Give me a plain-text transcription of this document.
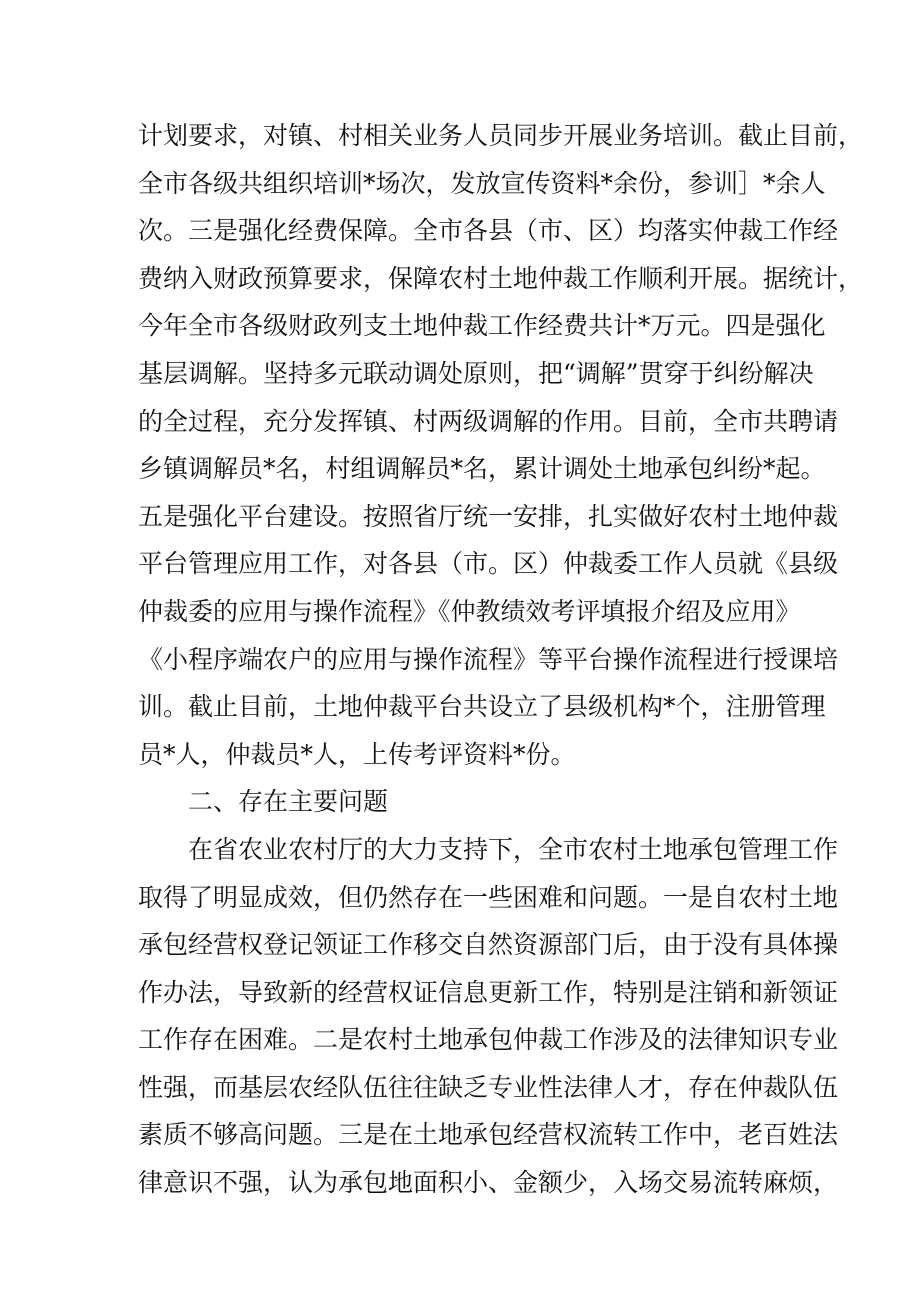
计划要求，对镇、村相关业务人员同步开展业务培训。截止目前，
全市各级共组织培训*场次，发放宣传资料*余份，参训］*余人
次。三是强化经费保障。全市各县（市、区）均落实仲裁工作经
费纳入财政预算要求，保障农村土地仲裁工作顺利开展。据统计，
今年全市各级财政列支土地仲裁工作经费共计*万元。四是强化
基层调解。坚持多元联动调处原则，把“调解”贯穿于纠纷解决
的全过程，充分发挥镇、村两级调解的作用。目前，全市共聘请
乡镇调解员*名，村组调解员*名，累计调处土地承包纠纷*起。
五是强化平台建设。按照省厅统一安排，扎实做好农村土地仲裁
平台管理应用工作，对各县（市。区）仲裁委工作人员就《县级
仲裁委的应用与操作流程》《仲教绩效考评填报介绍及应用》
《小程序端农户的应用与操作流程》等平台操作流程进行授课培
训。截止目前，土地仲裁平台共设立了县级机构*个，注册管理
员*人，仲裁员*人，上传考评资料*份。
二、存在主要问题
在省农业农村厅的大力支持下，全市农村土地承包管理工作
取得了明显成效，但仍然存在一些困难和问题。一是自农村土地
承包经营权登记领证工作移交自然资源部门后，由于没有具体操
作办法，导致新的经营权证信息更新工作，特别是注销和新领证
工作存在困难。二是农村土地承包仲裁工作涉及的法律知识专业
性强，而基层农经队伍往往缺乏专业性法律人才，存在仲裁队伍
素质不够高问题。三是在土地承包经营权流转工作中，老百姓法
律意识不强，认为承包地面积小、金额少，入场交易流转麻烦，
